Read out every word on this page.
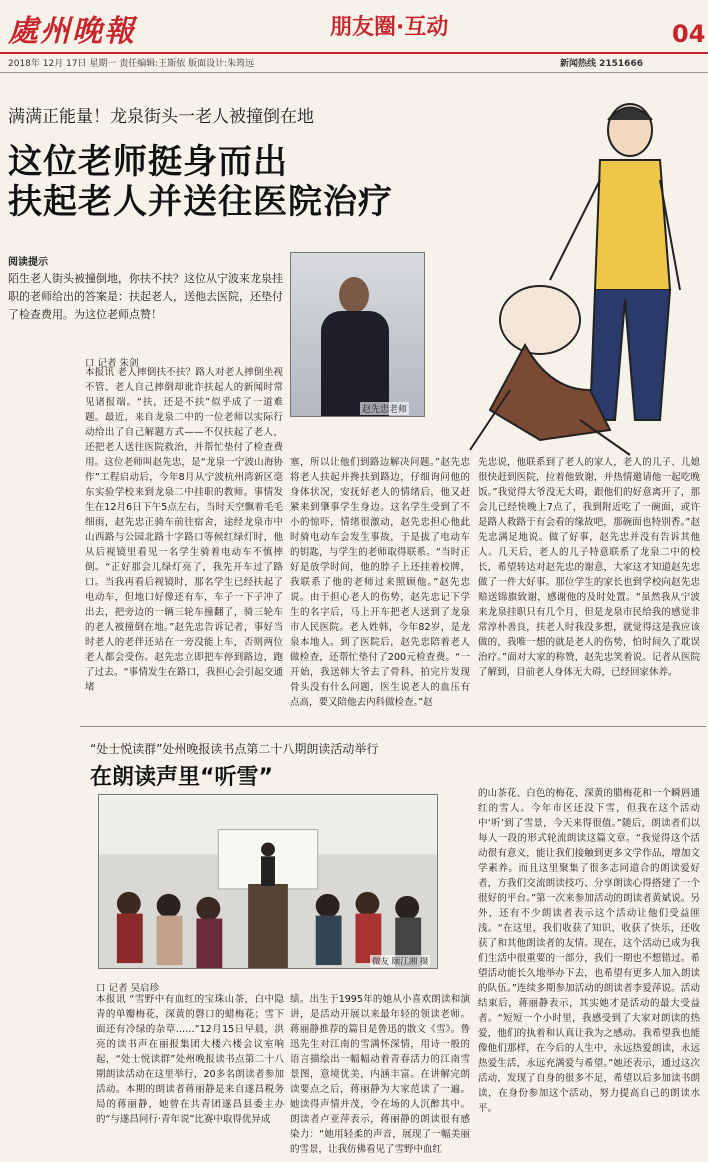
處州晚報	朋友圈·互动	04
2018年 12月 17日 星期一 责任编辑:王斯依 版面设计:朱筠远	新闻热线 2151666
满满正能量！龙泉街头一老人被撞倒在地
这位老师挺身而出
扶起老人并送往医院治疗
阅读提示
陌生老人街头被撞倒地，你扶不扶？这位从宁波来龙泉挂职的老师给出的答案是：扶起老人，送他去医院，还垫付了检查费用。为这位老师点赞！
赵先忠老师
口 记者 朱剑
本报讯 老人摔倒扶不扶？路人对老人摔倒坐视不管、老人自己摔倒却讹诈扶起人的新闻时常见诸报端。“扶，还是不扶”似乎成了一道难题。最近，来自龙泉二中的一位老师以实际行动给出了自己解题方式——不仅扶起了老人，还把老人送往医院救治，并帮忙垫付了检查费用。这位老师叫赵先忠，是“龙泉一宁波山海协作”工程启动后，今年8月从宁波杭州湾新区毫东实验学校来到龙泉二中挂职的教师。事情发生在12月6日下午5点左右，当时天空飘着毛毛细雨，赵先忠正骑车前往宿舍，途经龙泉市中山西路与公园北路十字路口等候红绿灯时，他从后视镜里看见一名学生骑着电动车不慎摔倒。“正好那会儿绿灯亮了，我先开车过了路口。当我再看后视镜时，那名学生已经扶起了电动车，但地口好像还有车，车子一下子冲了出去，把旁边的一辆三轮车撞翻了，骑三轮车的老人被撞倒在地。”赵先忠告诉记者，事好当时老人的老伴还站在一旁没能上车，否则两位老人都会受伤。赵先忠立即把车停到路边，跑了过去。“事情发生在路口，我担心会引起交通堵
塞，所以让他们到路边解决问题。”赵先忠将老人扶起并搀扶到路边，仔细询问他的身体状况，安抚好老人的情绪后，他又赶紧来到肇事学生身边。这名学生受到了不小的惊吓，情绪很激动，赵先忠担心他此时骑电动车会发生事故，于是拔了电动车的钥匙，与学生的老师取得联系。“当时正好是放学时间，他的脖子上还挂着校牌，我联系了他的老师过来照顾他。”赵先忠说。由于担心老人的伤势，赵先忠记下学生的名字后，马上开车把老人送到了龙泉市人民医院。老人姓韩，今年82岁，是龙泉本地人。到了医院后，赵先忠陪着老人做检查，还帮忙垫付了200元检查费。“一开始，我送韩大爷去了骨科，拍完片发现骨头没有什么问题，医生说老人的血压有点高，要又陪他去内科做检查。”赵
先忠说，他联系到了老人的家人，老人的儿子、儿媳很快赶到医院，拉着他致谢，并热情邀请他一起吃晚饭。”我觉得大爷没无大碍，跟他们的好意离开了，那会儿已经快晚上7点了，我到附近吃了一碗面，或许是路人救路于有会看的缘故吧，那碗面也特别香。”赵先忠满足地说。做了好事，赵先忠并没有告诉其他人。几天后，老人的儿子特意联系了龙泉二中的校长，希望转达对赵先忠的谢意，大家这才知道赵先忠做了一件大好事。那位学生的家长也到学校向赵先忠赔送锦旗致谢，感谢他的及时处置。“虽然我从宁波来龙泉挂职只有几个月，但是龙泉市民给我的感觉非常淳朴善良，扶老人时我没多想，就觉得这是我应该做的，我唯一想的就是老人的伤势，怕时间久了耽误治疗。”面对大家的称赞，赵先忠笑着说。记者从医院了解到，目前老人身体无大碍，已经回家休养。
“处士悦读群”处州晚报读书点第二十八期朗读活动举行
在朗读声里“听雪”
微友 颐江湘 摄
口 记者 吴启珍
本报讯 “雪野中有血红的宝珠山茶，白中隐青的单瓣梅花，深黄的磬口的蜡梅花；雪下面还有冷绿的杂草……”12月15日早晨，洪亮的读书声在丽报集团大楼六楼会议室响起，“处士悦读群”处州晚报读书点第二十八期朗读活动在这里举行，20多名朗读者参加活动。本期的朗读者蒋丽静是来自遂昌税务局的蒋丽静，她曾在共青团遂昌县委主办的“与遂昌同行·青年说”比赛中取得优异成
绩。出生于1995年的她从小喜欢朗读和演讲，是活动开展以来最年轻的领读老师。蒋丽静推荐的篇目是鲁迅的散文《雪》。鲁迅先生对江南的雪满怀深情，用诗一般的语言描绘出一幅幅动着青春活力的江南雪景图，意境优美，内涵丰富。在讲解完朗读要点之后，蒋丽静为大家范读了一遍。她读得声情并茂，令在场的人沉醉其中。朗读者卢亚萍表示，蒋丽静的朗读很有感染力：“她用轻柔的声音，展现了一幅美丽的雪景，让我仿佛看见了雪野中血红
的山茶花、白色的梅花、深黄的腊梅花和一个瞬唇通红的雪人。今年市区还没下雪，但我在这个活动中‘听’到了雪景，今天来得很值。”随后，朗读者们以每人一段的形式轮流朗读这篇文章。“我觉得这个活动很有意义，能让我们接触到更多文学作品，增加文学素养。而且这里聚集了很多志同道合的朗读爱好者，方我们交流朗读技巧、分享朗读心得搭建了一个很好的平台。”第一次来参加活动的朗读者黄斌说。另外，还有不少朗读者表示这个活动让他们受益匪浅。“在这里，我们收获了知识，收获了快乐，还收获了和其他朗读者的友情。现在，这个活动已成为我们生活中很重要的一部分，我们一期也不想错过。希望活动能长久地举办下去，也希望有更多人加入朗读的队伍。”连续多期参加活动的朗读者李爱萍说。活动结束后，蒋丽静表示，其实她才是活动的最大受益者。“短短一个小时里，我感受到了大家对朗读的热爱，他们的执着和认真让我为之感动。我希望我也能像他们那样，在今后的人生中，永远热爱朗读，永远热爱生活，永远充满爱与希望。”她还表示，通过这次活动，发现了自身的很多不足，希望以后多加读书朗读，在身份参加这个活动，努力提高自己的朗读水平。
